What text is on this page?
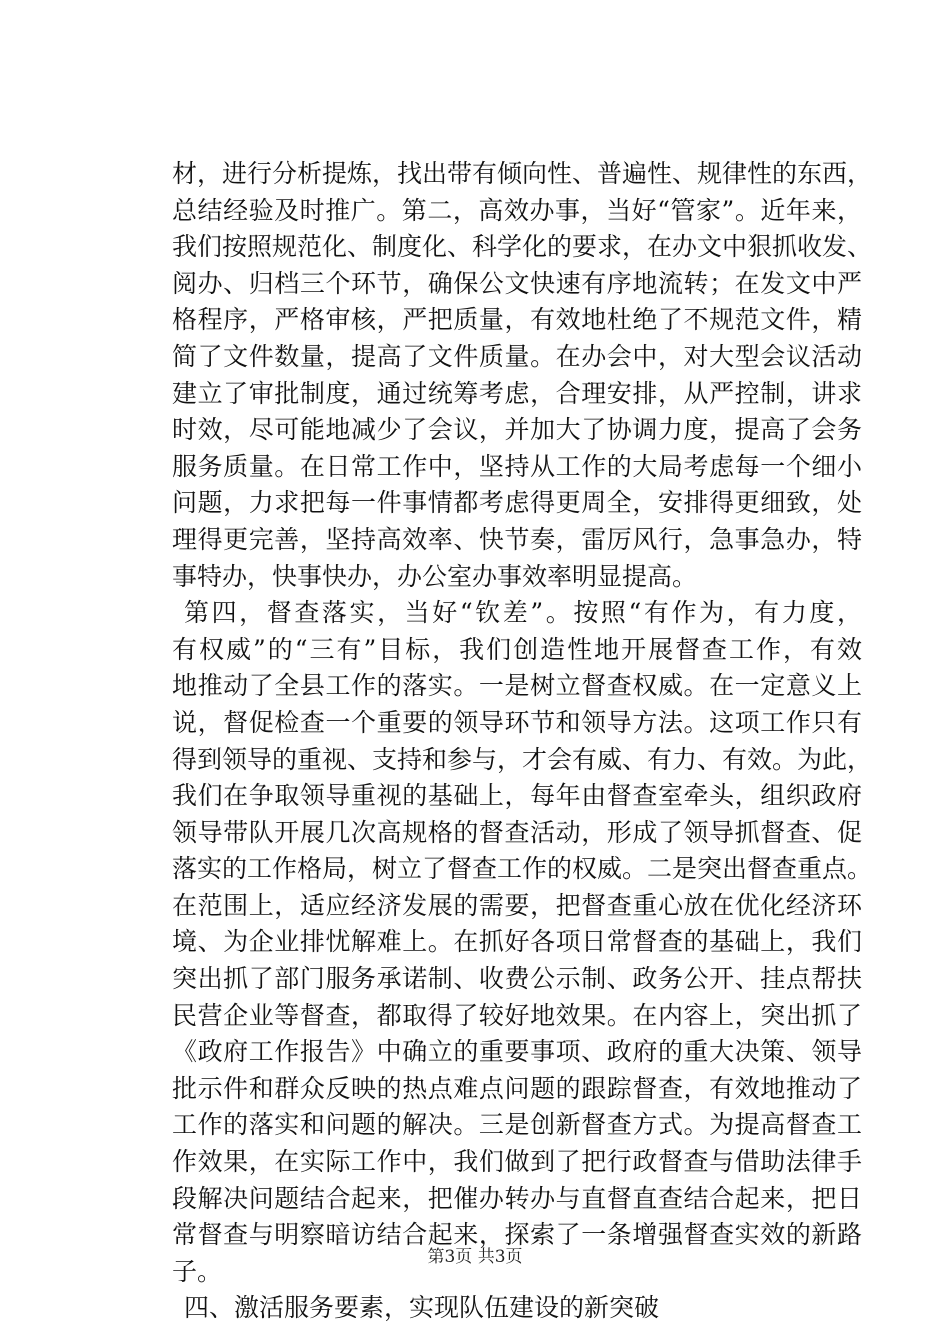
材，进行分析提炼，找出带有倾向性、普遍性、规律性的东西，
总结经验及时推广。第二，高效办事，当好“管家”。近年来，
我们按照规范化、制度化、科学化的要求，在办文中狠抓收发、
阅办、归档三个环节，确保公文快速有序地流转；在发文中严
格程序，严格审核，严把质量，有效地杜绝了不规范文件，精
简了文件数量，提高了文件质量。在办会中，对大型会议活动
建立了审批制度，通过统筹考虑，合理安排，从严控制，讲求
时效，尽可能地减少了会议，并加大了协调力度，提高了会务
服务质量。在日常工作中，坚持从工作的大局考虑每一个细小
问题，力求把每一件事情都考虑得更周全，安排得更细致，处
理得更完善，坚持高效率、快节奏，雷厉风行，急事急办，特
事特办，快事快办，办公室办事效率明显提高。
第四，督查落实，当好“钦差”。按照“有作为，有力度，
有权威”的“三有”目标，我们创造性地开展督查工作，有效
地推动了全县工作的落实。一是树立督查权威。在一定意义上
说，督促检查一个重要的领导环节和领导方法。这项工作只有
得到领导的重视、支持和参与，才会有威、有力、有效。为此，
我们在争取领导重视的基础上，每年由督查室牵头，组织政府
领导带队开展几次高规格的督查活动，形成了领导抓督查、促
落实的工作格局，树立了督查工作的权威。二是突出督查重点。
在范围上，适应经济发展的需要，把督查重心放在优化经济环
境、为企业排忧解难上。在抓好各项日常督查的基础上，我们
突出抓了部门服务承诺制、收费公示制、政务公开、挂点帮扶
民营企业等督查，都取得了较好地效果。在内容上，突出抓了
《政府工作报告》中确立的重要事项、政府的重大决策、领导
批示件和群众反映的热点难点问题的跟踪督查，有效地推动了
工作的落实和问题的解决。三是创新督查方式。为提高督查工
作效果，在实际工作中，我们做到了把行政督查与借助法律手
段解决问题结合起来，把催办转办与直督直查结合起来，把日
常督查与明察暗访结合起来，探索了一条增强督查实效的新路
子。
四、激活服务要素，实现队伍建设的新突破
第3页 共3页
